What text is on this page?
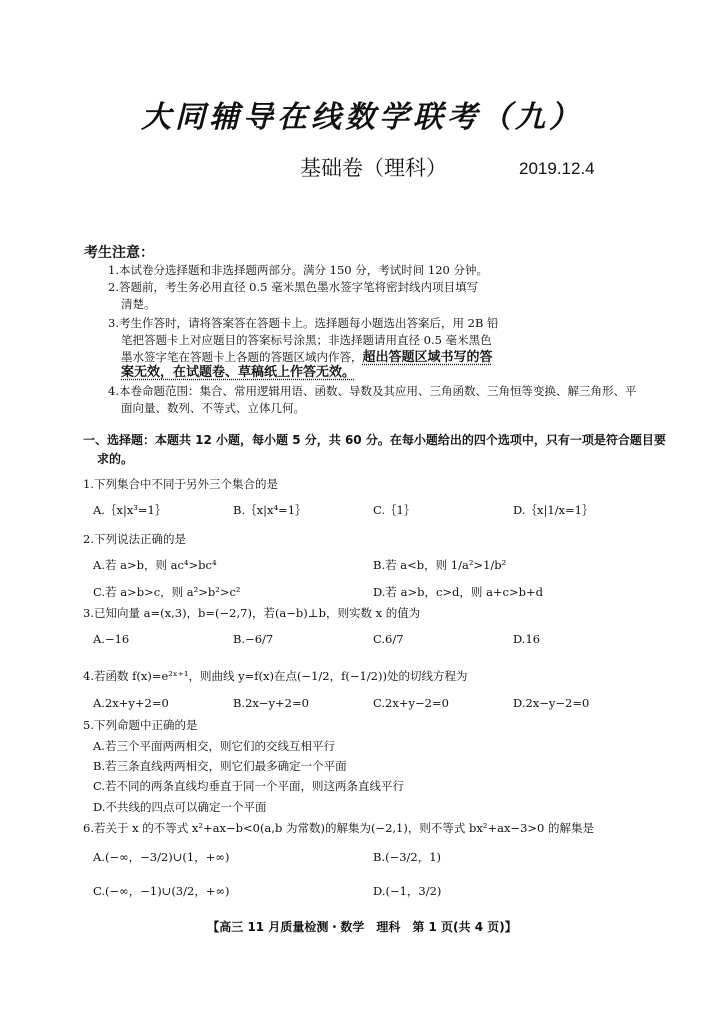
大同辅导在线数学联考（九）
基础卷（理科）	2019.12.4
考生注意：
1.本试卷分选择题和非选择题两部分。满分 150 分，考试时间 120 分钟。
2.答题前，考生务必用直径 0.5 毫米黑色墨水签字笔将密封线内项目填写
清楚。
3.考生作答时，请将答案答在答题卡上。选择题每小题选出答案后，用 2B 铅
笔把答题卡上对应题目的答案标号涂黑；非选择题请用直径 0.5 毫米黑色
墨水签字笔在答题卡上各题的答题区域内作答，超出答题区域书写的答
案无效，在试题卷、草稿纸上作答无效。
4.本卷命题范围：集合、常用逻辑用语、函数、导数及其应用、三角函数、三角恒等变换、解三角形、平
面向量、数列、不等式、立体几何。
一、选择题：本题共 12 小题，每小题 5 分，共 60 分。在每小题给出的四个选项中，只有一项是符合题目要
求的。
1.下列集合中不同于另外三个集合的是
A.｛x|x³=1｝	B.｛x|x⁴=1｝	C.｛1｝	D.｛x|1/x=1｝
2.下列说法正确的是
A.若 a>b，则 ac⁴>bc⁴	B.若 a<b，则 1/a²>1/b²
C.若 a>b>c，则 a²>b²>c²	D.若 a>b，c>d，则 a+c>b+d
3.已知向量 a=(x,3)，b=(−2,7)，若(a−b)⊥b，则实数 x 的值为
A.−16	B.−6/7	C.6/7	D.16
4.若函数 f(x)=e²ˣ⁺¹，则曲线 y=f(x)在点(−1/2，f(−1/2))处的切线方程为
A.2x+y+2=0	B.2x−y+2=0	C.2x+y−2=0	D.2x−y−2=0
5.下列命题中正确的是
A.若三个平面两两相交，则它们的交线互相平行
B.若三条直线两两相交，则它们最多确定一个平面
C.若不同的两条直线均垂直于同一个平面，则这两条直线平行
D.不共线的四点可以确定一个平面
6.若关于 x 的不等式 x²+ax−b<0(a,b 为常数)的解集为(−2,1)，则不等式 bx²+ax−3>0 的解集是
A.(−∞，−3/2)∪(1，+∞)	B.(−3/2，1)
C.(−∞，−1)∪(3/2，+∞)	D.(−1，3/2)
【高三 11 月质量检测・数学　理科　第 1 页(共 4 页)】
